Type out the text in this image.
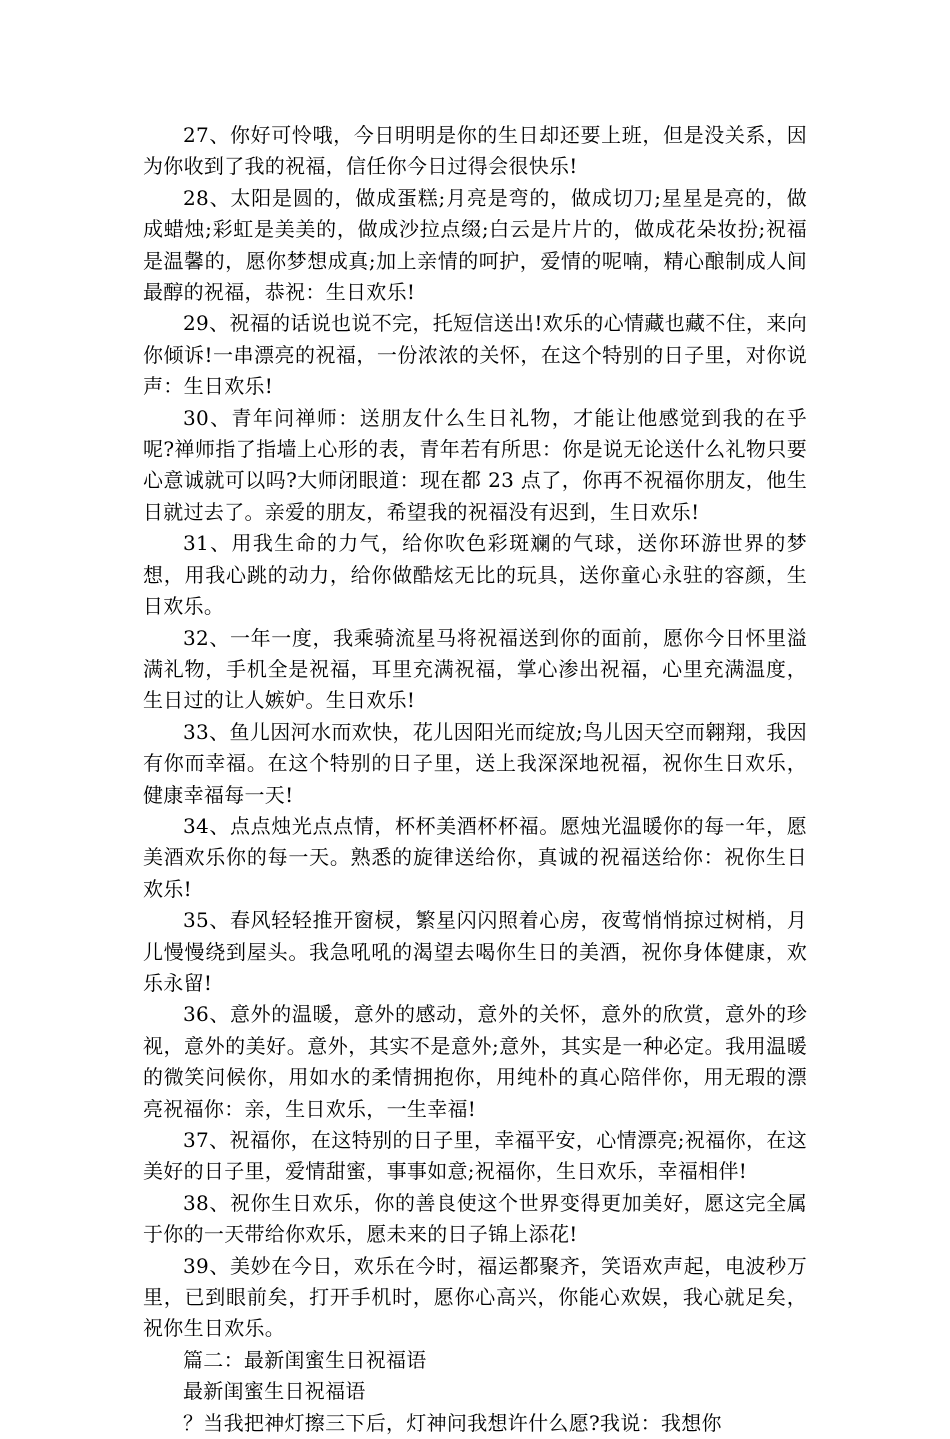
27、你好可怜哦，今日明明是你的生日却还要上班，但是没关系，因为你收到了我的祝福，信任你今日过得会很快乐!

28、太阳是圆的，做成蛋糕;月亮是弯的，做成切刀;星星是亮的，做成蜡烛;彩虹是美美的，做成沙拉点缀;白云是片片的，做成花朵妆扮;祝福是温馨的，愿你梦想成真;加上亲情的呵护，爱情的呢喃，精心酿制成人间最醇的祝福，恭祝：生日欢乐!

29、祝福的话说也说不完，托短信送出!欢乐的心情藏也藏不住，来向你倾诉!一串漂亮的祝福，一份浓浓的关怀，在这个特别的日子里，对你说声：生日欢乐!

30、青年问禅师：送朋友什么生日礼物，才能让他感觉到我的在乎呢?禅师指了指墙上心形的表，青年若有所思：你是说无论送什么礼物只要心意诚就可以吗?大师闭眼道：现在都 23 点了，你再不祝福你朋友，他生日就过去了。亲爱的朋友，希望我的祝福没有迟到，生日欢乐!

31、用我生命的力气，给你吹色彩斑斓的气球，送你环游世界的梦想，用我心跳的动力，给你做酷炫无比的玩具，送你童心永驻的容颜，生日欢乐。

32、一年一度，我乘骑流星马将祝福送到你的面前，愿你今日怀里溢满礼物，手机全是祝福，耳里充满祝福，掌心渗出祝福，心里充满温度，生日过的让人嫉妒。生日欢乐!

33、鱼儿因河水而欢快，花儿因阳光而绽放;鸟儿因天空而翱翔，我因有你而幸福。在这个特别的日子里，送上我深深地祝福，祝你生日欢乐，健康幸福每一天!

34、点点烛光点点情，杯杯美酒杯杯福。愿烛光温暖你的每一年，愿美酒欢乐你的每一天。熟悉的旋律送给你，真诚的祝福送给你：祝你生日欢乐!

35、春风轻轻推开窗棂，繁星闪闪照着心房，夜莺悄悄掠过树梢，月儿慢慢绕到屋头。我急吼吼的渴望去喝你生日的美酒，祝你身体健康，欢乐永留!

36、意外的温暖，意外的感动，意外的关怀，意外的欣赏，意外的珍视，意外的美好。意外，其实不是意外;意外，其实是一种必定。我用温暖的微笑问候你，用如水的柔情拥抱你，用纯朴的真心陪伴你，用无瑕的漂亮祝福你：亲，生日欢乐，一生幸福!

37、祝福你，在这特别的日子里，幸福平安，心情漂亮;祝福你，在这美好的日子里，爱情甜蜜，事事如意;祝福你，生日欢乐，幸福相伴!

38、祝你生日欢乐，你的善良使这个世界变得更加美好，愿这完全属于你的一天带给你欢乐，愿未来的日子锦上添花!

39、美妙在今日，欢乐在今时，福运都聚齐，笑语欢声起，电波秒万里，已到眼前矣，打开手机时，愿你心高兴，你能心欢娱，我心就足矣，祝你生日欢乐。

篇二：最新闺蜜生日祝福语

最新闺蜜生日祝福语

？当我把神灯擦三下后，灯神问我想许什么愿?我说：我想你
